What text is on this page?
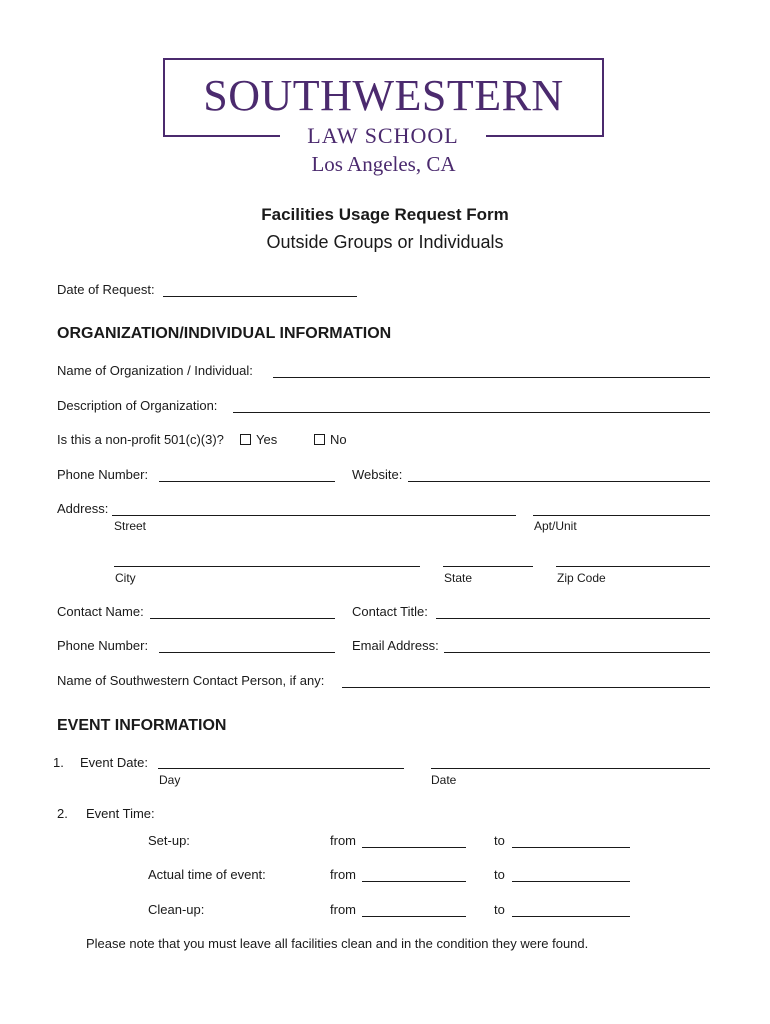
SOUTHWESTERN
LAW SCHOOL
Los Angeles, CA
Facilities Usage Request Form
Outside Groups or Individuals
Date of Request:
ORGANIZATION/INDIVIDUAL INFORMATION
Name of Organization / Individual:
Description of Organization:
Is this a non-profit 501(c)(3)?	Yes	No
Phone Number:	Website:
Address:
Street	Apt/Unit
City	State	Zip Code
Contact Name:	Contact Title:
Phone Number:	Email Address:
Name of Southwestern Contact Person, if any:
EVENT INFORMATION
1. Event Date:
Day	Date
2. Event Time:
Set-up:	from	to
Actual time of event:	from	to
Clean-up:	from	to
Please note that you must leave all facilities clean and in the condition they were found.
